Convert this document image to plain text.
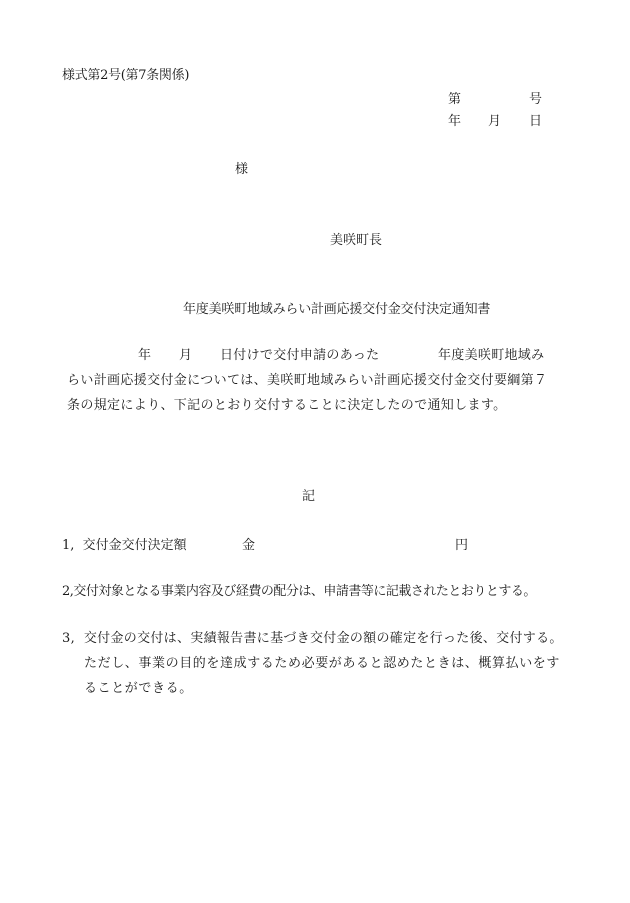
様式第2号(第7条関係)
第	号
年 月 日
様
美咲町長
年度美咲町地域みらい計画応援交付金交付決定通知書
年 月 日付けで交付申請のあった	年度美咲町地域み
らい計画応援交付金については、美咲町地域みらい計画応援交付金交付要綱第７
条の規定により、下記のとおり交付することに決定したので通知します。
記
1,  交付金交付決定額	金	円
2,交付対象となる事業内容及び経費の配分は、申請書等に記載されたとおりとする。
3,  交付金の交付は、実績報告書に基づき交付金の額の確定を行った後、交付する。
ただし、事業の目的を達成するため必要があると認めたときは、概算払いをす
ることができる。
